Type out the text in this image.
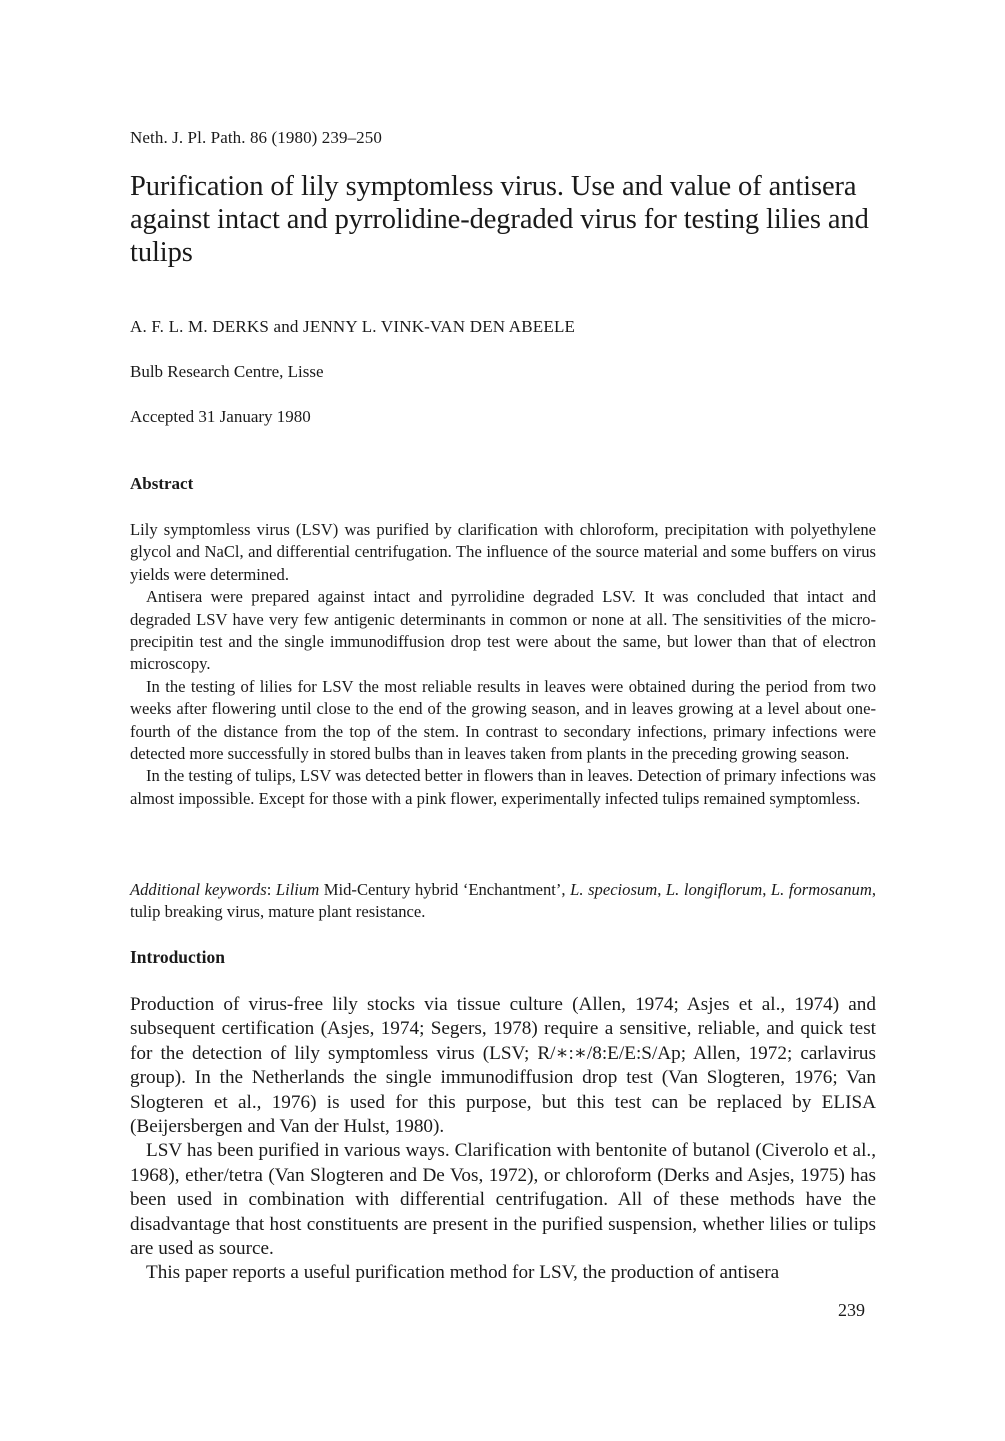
Neth. J. Pl. Path. 86 (1980) 239–250
Purification of lily symptomless virus. Use and value of antisera against intact and pyrrolidine-degraded virus for testing lilies and tulips
A. F. L. M. DERKS and JENNY L. VINK-VAN DEN ABEELE
Bulb Research Centre, Lisse
Accepted 31 January 1980
Abstract

Lily symptomless virus (LSV) was purified by clarification with chloroform, precipitation with polyethylene glycol and NaCl, and differential centrifugation. The influence of the source material and some buffers on virus yields were determined.

Antisera were prepared against intact and pyrrolidine degraded LSV. It was concluded that intact and degraded LSV have very few antigenic determinants in common or none at all. The sensitivities of the micro-precipitin test and the single immunodiffusion drop test were about the same, but lower than that of electron microscopy.

In the testing of lilies for LSV the most reliable results in leaves were obtained during the period from two weeks after flowering until close to the end of the growing season, and in leaves growing at a level about one-fourth of the distance from the top of the stem. In contrast to secondary infections, primary infections were detected more successfully in stored bulbs than in leaves taken from plants in the preceding growing season.

In the testing of tulips, LSV was detected better in flowers than in leaves. Detection of primary infections was almost impossible. Except for those with a pink flower, experimentally infected tulips remained symptomless.

Additional keywords: Lilium Mid-Century hybrid ‘Enchantment’, L. speciosum, L. longiflorum, L. formosanum, tulip breaking virus, mature plant resistance.
Introduction

Production of virus-free lily stocks via tissue culture (Allen, 1974; Asjes et al., 1974) and subsequent certification (Asjes, 1974; Segers, 1978) require a sensitive, reliable, and quick test for the detection of lily symptomless virus (LSV; R/∗:∗/8:E/E:S/Ap; Allen, 1972; carlavirus group). In the Netherlands the single immunodiffusion drop test (Van Slogteren, 1976; Van Slogteren et al., 1976) is used for this purpose, but this test can be replaced by ELISA (Beijersbergen and Van der Hulst, 1980).

LSV has been purified in various ways. Clarification with bentonite of butanol (Civerolo et al., 1968), ether/tetra (Van Slogteren and De Vos, 1972), or chloroform (Derks and Asjes, 1975) has been used in combination with differential centrifugation. All of these methods have the disadvantage that host constituents are present in the purified suspension, whether lilies or tulips are used as source.

This paper reports a useful purification method for LSV, the production of antisera

239
